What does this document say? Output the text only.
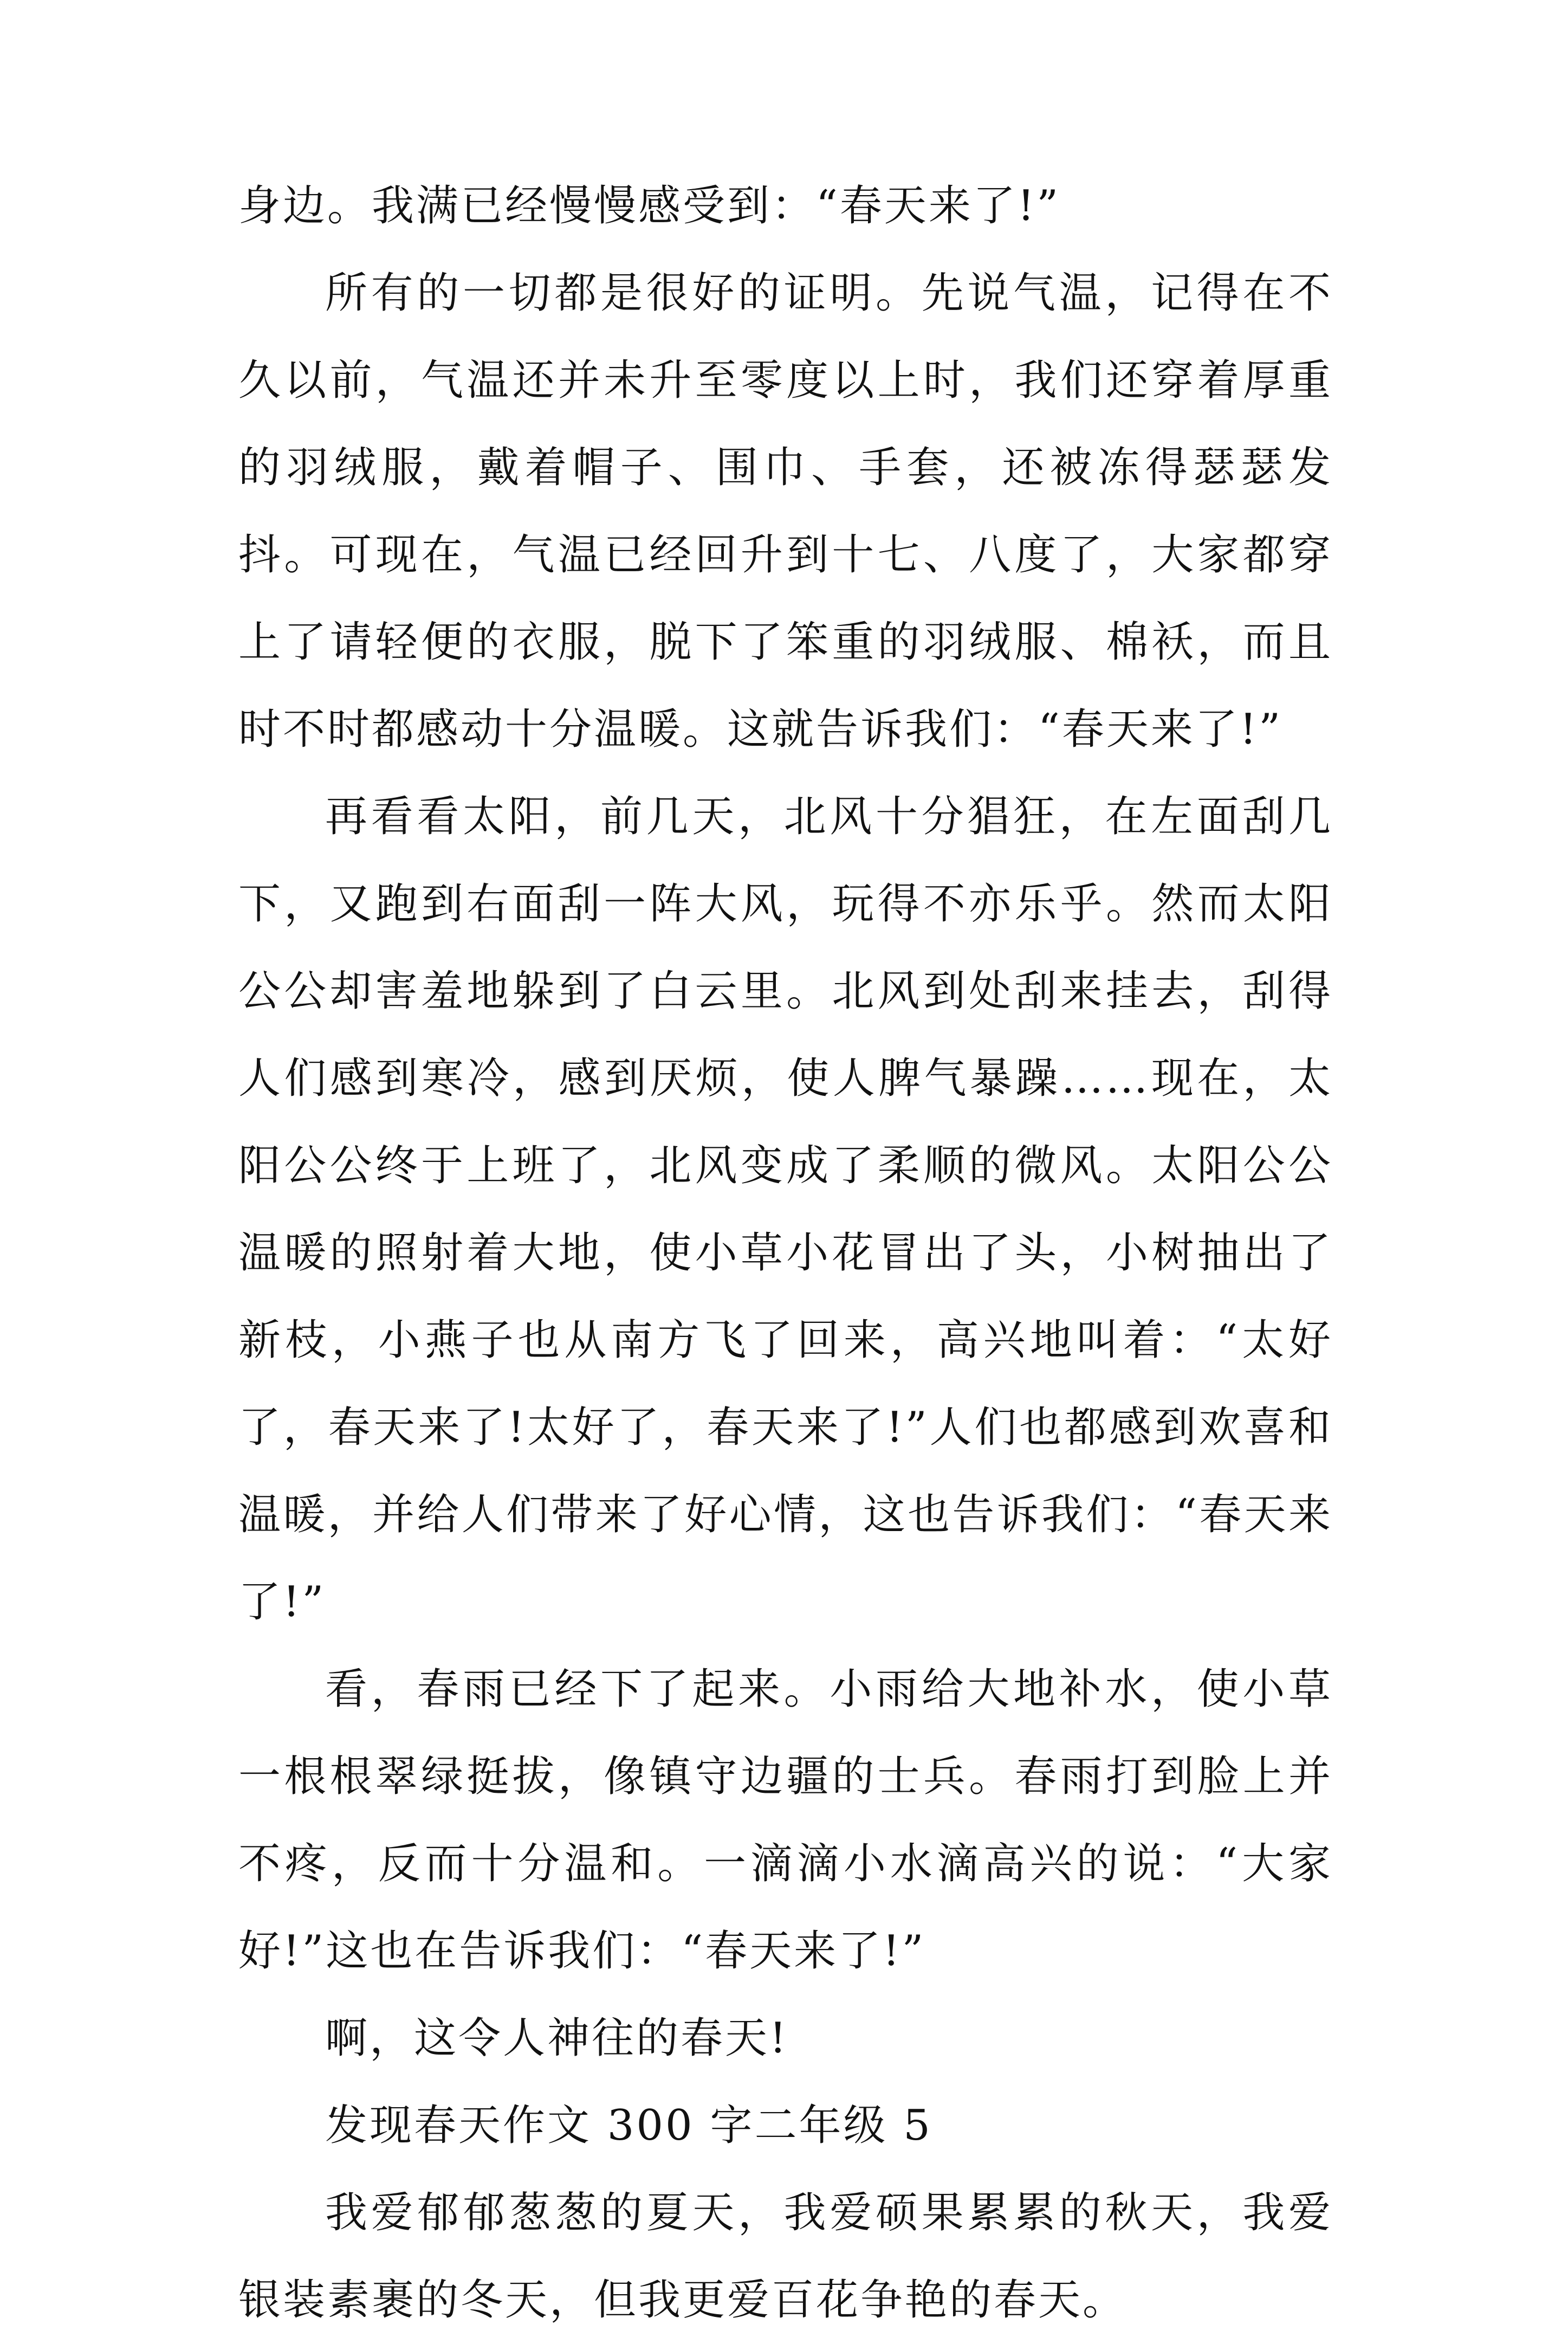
身边。我满已经慢慢感受到：“春天来了!”

所有的一切都是很好的证明。先说气温，记得在不久以前，气温还并未升至零度以上时，我们还穿着厚重的羽绒服，戴着帽子、围巾、手套，还被冻得瑟瑟发抖。可现在，气温已经回升到十七、八度了，大家都穿上了请轻便的衣服，脱下了笨重的羽绒服、棉袄，而且时不时都感动十分温暖。这就告诉我们：“春天来了!”

再看看太阳，前几天，北风十分猖狂，在左面刮几下，又跑到右面刮一阵大风，玩得不亦乐乎。然而太阳公公却害羞地躲到了白云里。北风到处刮来挂去，刮得人们感到寒冷，感到厌烦，使人脾气暴躁……现在，太阳公公终于上班了，北风变成了柔顺的微风。太阳公公温暖的照射着大地，使小草小花冒出了头，小树抽出了新枝，小燕子也从南方飞了回来，高兴地叫着：“太好了，春天来了!太好了，春天来了!”人们也都感到欢喜和温暖，并给人们带来了好心情，这也告诉我们：“春天来了!”

看，春雨已经下了起来。小雨给大地补水，使小草一根根翠绿挺拔，像镇守边疆的士兵。春雨打到脸上并不疼，反而十分温和。一滴滴小水滴高兴的说：“大家好!”这也在告诉我们：“春天来了!”

啊，这令人神往的春天!

发现春天作文 300 字二年级 5

我爱郁郁葱葱的夏天，我爱硕果累累的秋天，我爱银装素裹的冬天，但我更爱百花争艳的春天。
